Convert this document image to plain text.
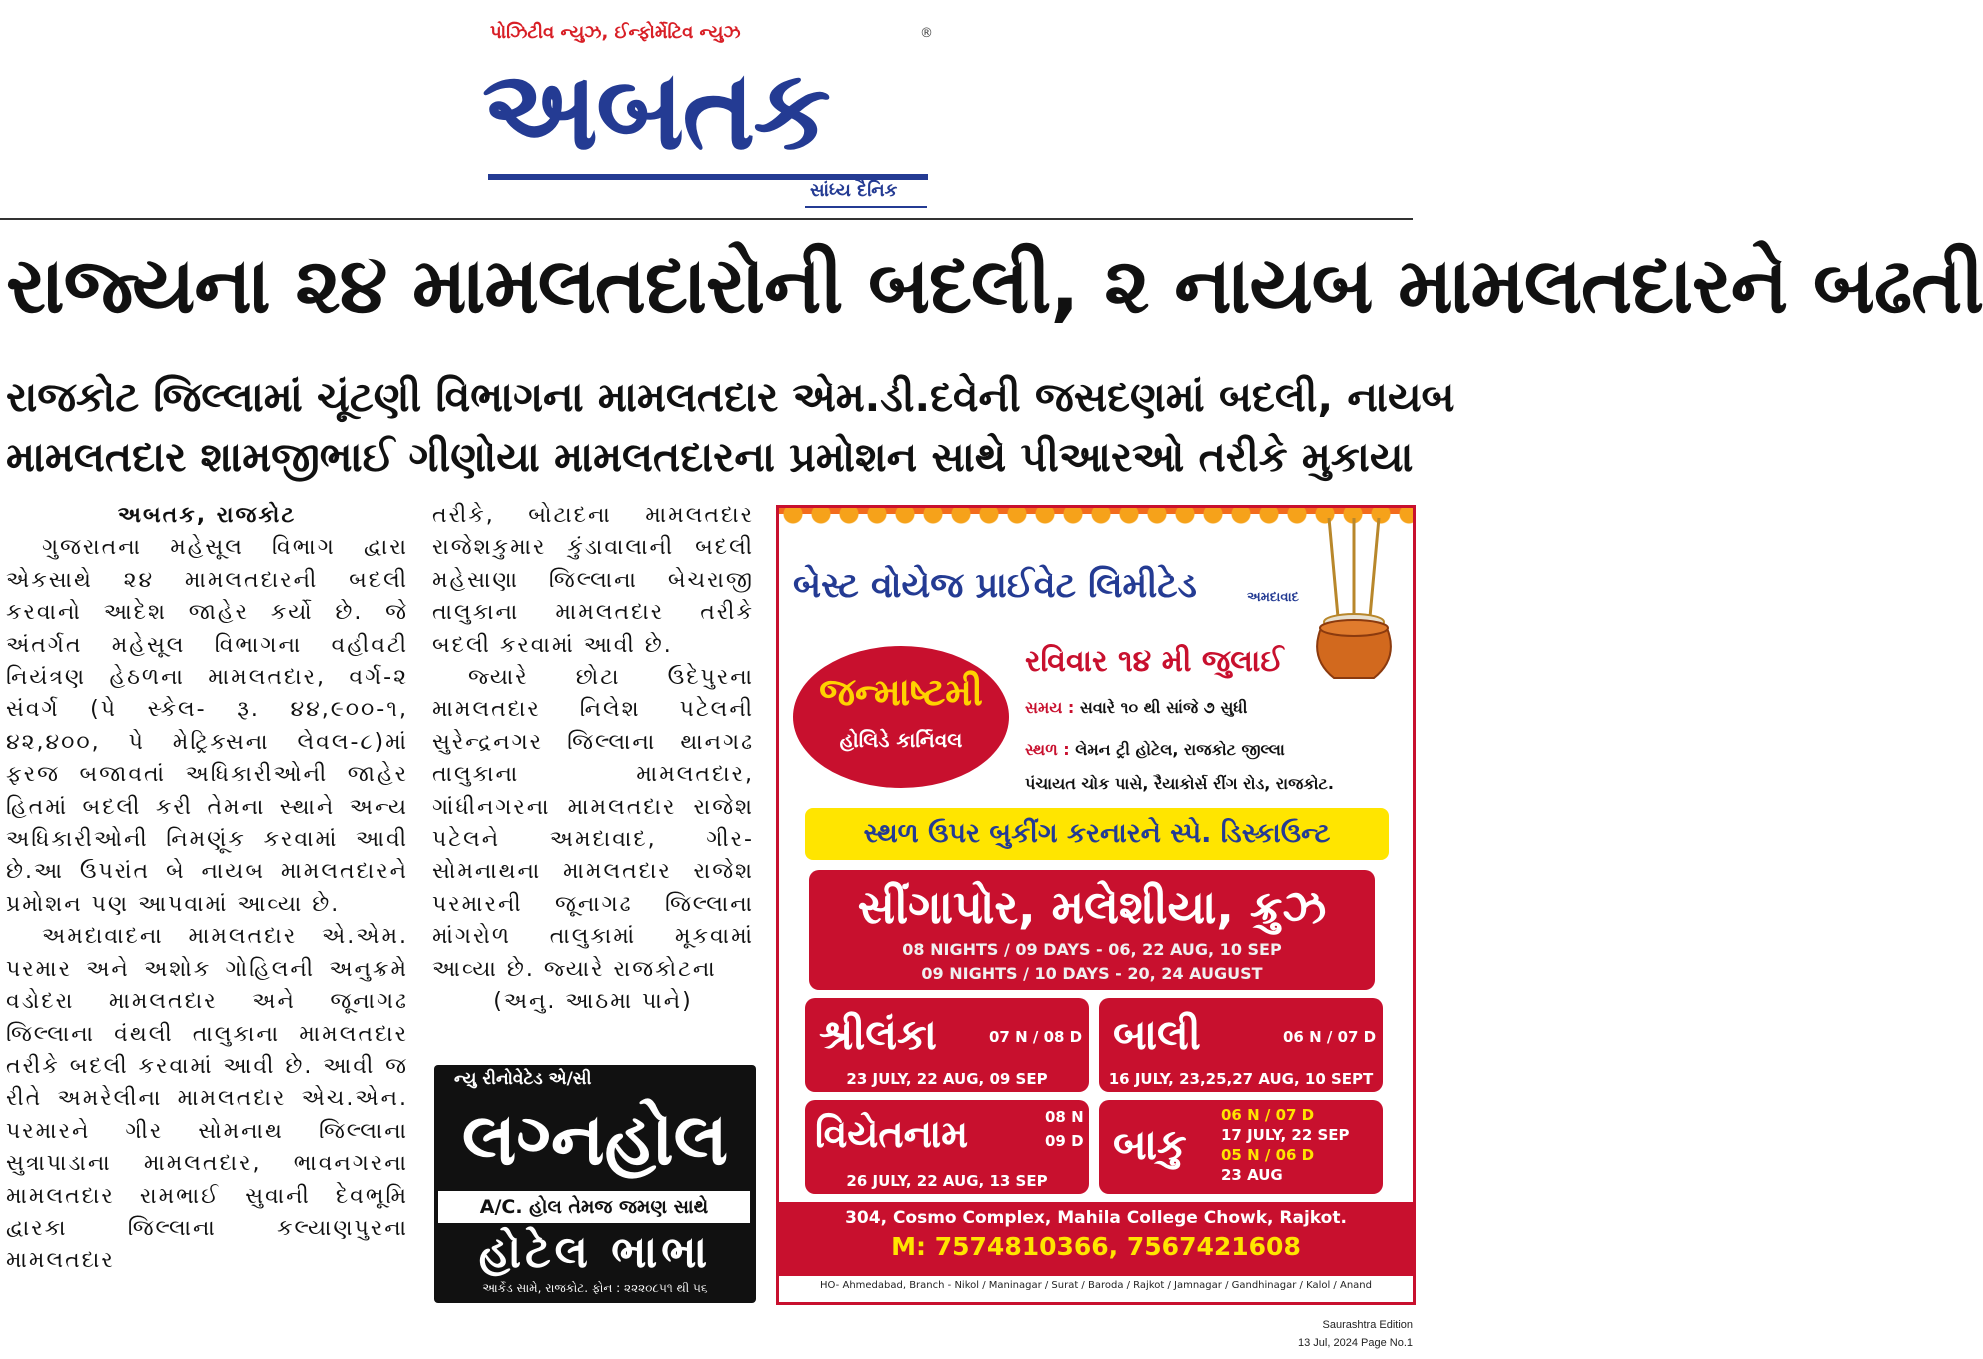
પોઝિટીવ ન્યુઝ, ઈન્ફોર્મેટિવ ન્યુઝ	®
અબતક
સાંધ્ય દૈનિક
રાજ્યના ૨૪ મામલતદારોની બદલી, ૨ નાયબ મામલતદારને બઢતી
રાજકોટ જિલ્લામાં ચૂંટણી વિભાગના મામલતદાર એમ.ડી.દવેની જસદણમાં બદલી, નાયબ
મામલતદાર શામજીભાઈ ગીણોયા મામલતદારના પ્રમોશન સાથે પીઆરઓ તરીકે મુકાયા

અબતક, રાજકોટ

ગુજરાતના મહેસૂલ વિભાગ દ્વારા એકસાથે ૨૪ મામલતદારની બદલી કરવાનો આદેશ જાહેર કર્યો છે. જે અંતર્ગત મહેસૂલ વિભાગના વહીવટી નિયંત્રણ હેઠળના મામલતદાર, વર્ગ-૨ સંવર્ગ (પે સ્કેલ- રૂ. ૪૪,૯૦૦-૧, ૪૨,૪૦૦, પે મેટ્રિક્સના લેવલ-૮)માં ફરજ બજાવતાં અધિકારીઓની જાહેર હિતમાં બદલી કરી તેમના સ્થાને અન્ય અધિકારીઓની નિમણૂંક કરવામાં આવી છે.આ ઉપરાંત બે નાયબ મામલતદારને પ્રમોશન પણ આપવામાં આવ્યા છે.

અમદાવાદના મામલતદાર એ.એમ. પરમાર અને અશોક ગોહિલની અનુક્રમે વડોદરા મામલતદાર અને જૂનાગઢ જિલ્લાના વંથલી તાલુકાના મામલતદાર તરીકે બદલી કરવામાં આવી છે. આવી જ રીતે અમરેલીના મામલતદાર એચ.એન. પરમારને ગીર સોમનાથ જિલ્લાના સુત્રાપાડાના મામલતદાર, ભાવનગરના મામલતદાર રામભાઈ સુવાની દેવભૂમિ દ્વારકા જિલ્લાના કલ્યાણપુરના મામલતદાર

તરીકે, બોટાદના મામલતદાર રાજેશકુમાર કુંડાવાલાની બદલી મહેસાણા જિલ્લાના બેચરાજી તાલુકાના મામલતદાર તરીકે બદલી કરવામાં આવી છે.

જ્યારે છોટા ઉદેપુરના મામલતદાર નિલેશ પટેલની સુરેન્દ્રનગર જિલ્લાના થાનગઢ તાલુકાના મામલતદાર, ગાંધીનગરના મામલતદાર રાજેશ પટેલને અમદાવાદ, ગીર-સોમનાથના મામલતદાર રાજેશ પરમારની જૂનાગઢ જિલ્લાના માંગરોળ તાલુકામાં મૂકવામાં આવ્યા છે. જ્યારે રાજકોટના

(અનુ. આઠમા પાને)

ન્યુ રીનોવેટેડ એ/સી
લગ્નહોલ
A/C. હોલ તેમજ જમણ સાથે
હોટેલ ભાભા
આર્કેડ સામે, રાજકોટ. ફોન : ૨૨૨૦૮૫૧ થી ૫૬
બેસ્ટ વોયેજ પ્રાઈવેટ લિમીટેડ	અમદાવાદ
જન્માષ્ટમી
હોલિડે કાર્નિવલ
રવિવાર ૧૪ મી જુલાઈ
સમય : સવારે ૧૦ થી સાંજે ૭ સુધી
સ્થળ : લેમન ટ્રી હોટેલ, રાજકોટ જીલ્લા
પંચાયત ચોક પાસે, રૈયાકોર્સ રીંગ રોડ, રાજકોટ.
સ્થળ ઉપર બુકીંગ કરનારને સ્પે. ડિસ્કાઉન્ટ
સીંગાપોર, મલેશીયા, ક્રુઝ
08 NIGHTS / 09 DAYS - 06, 22 AUG, 10 SEP
09 NIGHTS / 10 DAYS - 20, 24 AUGUST
શ્રીલંકા	07 N / 08 D
23 JULY, 22 AUG, 09 SEP
બાલી	06 N / 07 D
16 JULY, 23,25,27 AUG, 10 SEPT
વિયેતનામ	08 N /
09 D
26 JULY, 22 AUG, 13 SEP
બાકુ
06 N / 07 D
17 JULY, 22 SEP
05 N / 06 D
23 AUG
304, Cosmo Complex, Mahila College Chowk, Rajkot.
M: 7574810366, 7567421608
HO- Ahmedabad, Branch - Nikol / Maninagar / Surat / Baroda / Rajkot / Jamnagar / Gandhinagar / Kalol / Anand
Saurashtra Edition
13 Jul, 2024 Page No.1
